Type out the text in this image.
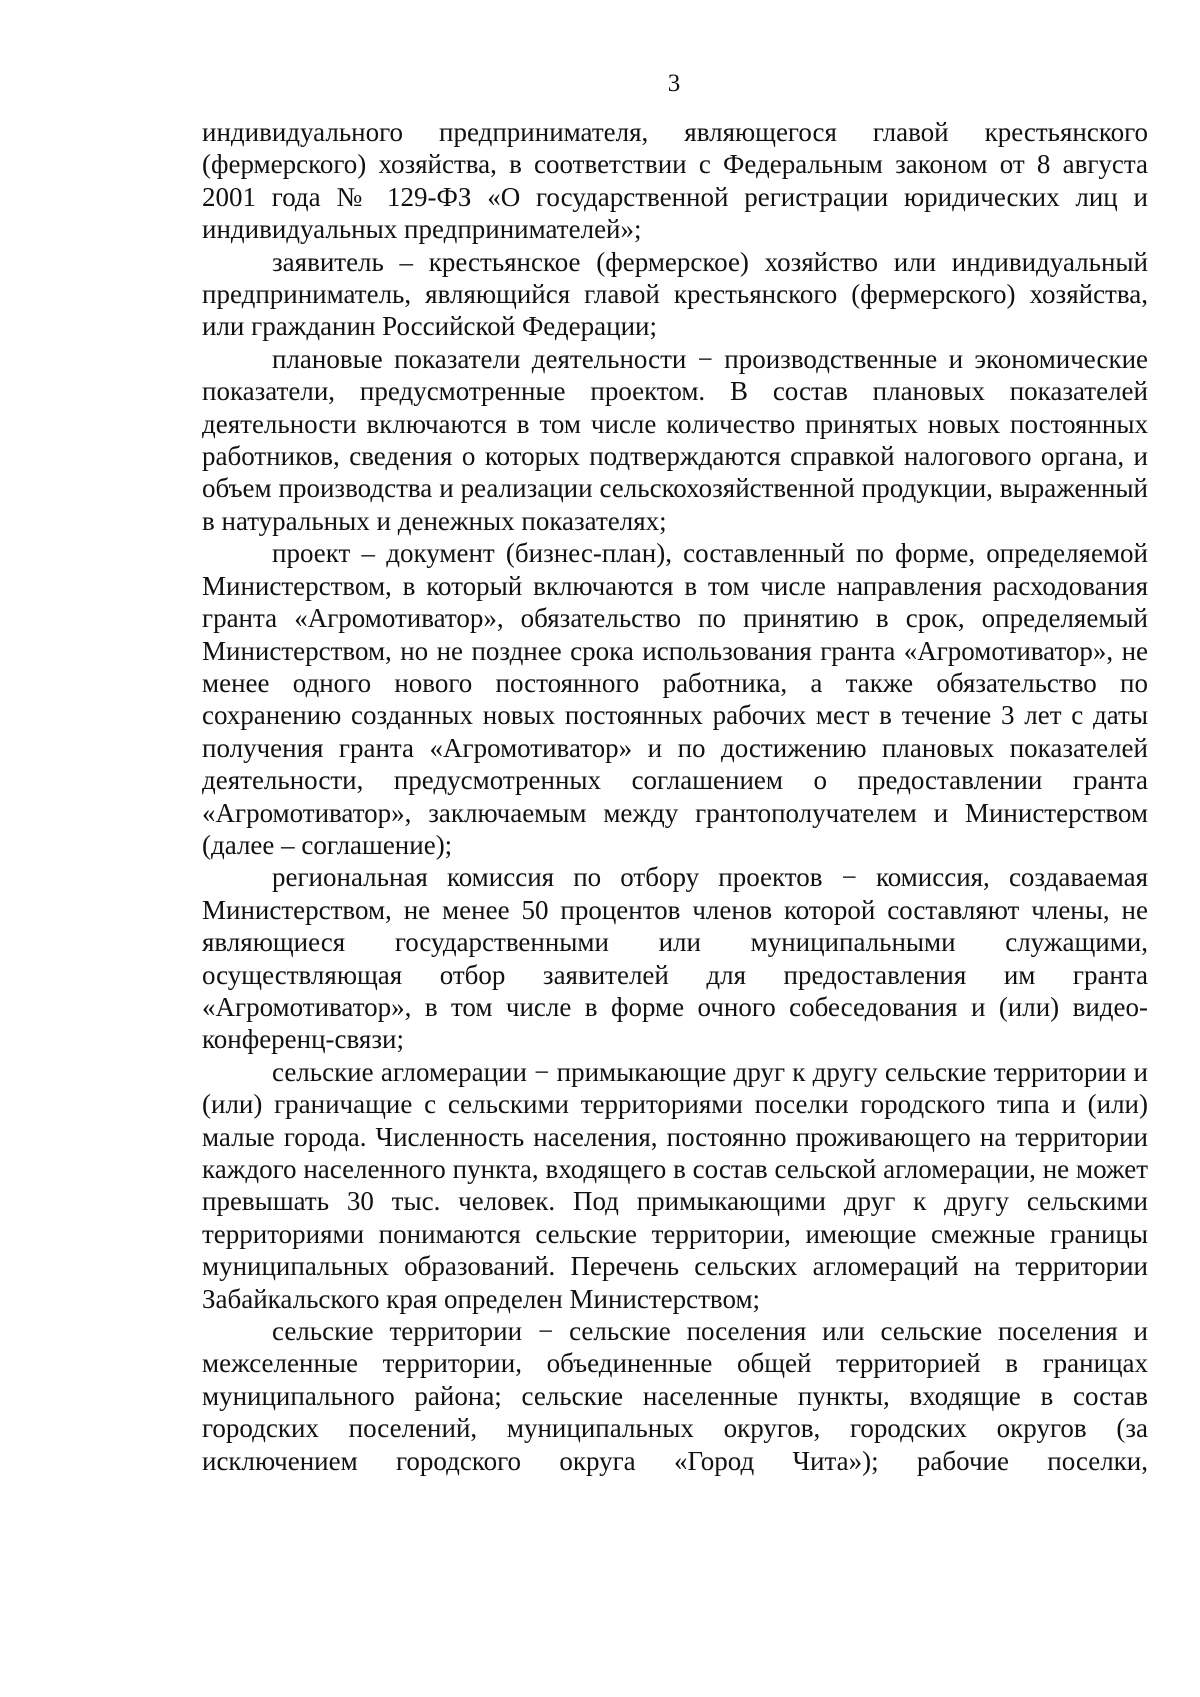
3

индивидуального предпринимателя, являющегося главой крестьянского (фермерского) хозяйства, в соответствии с Федеральным законом от 8 августа 2001 года № 129-ФЗ «О государственной регистрации юридических лиц и индивидуальных предпринимателей»;

заявитель – крестьянское (фермерское) хозяйство или индивидуальный предприниматель, являющийся главой крестьянского (фермерского) хозяйства, или гражданин Российской Федерации;

плановые показатели деятельности − производственные и экономические показатели, предусмотренные проектом. В состав плановых показателей деятельности включаются в том числе количество принятых новых постоянных работников, сведения о которых подтверждаются справкой налогового органа, и объем производства и реализации сельскохозяйственной продукции, выраженный в натуральных и денежных показателях;

проект – документ (бизнес-план), составленный по форме, определяемой Министерством, в который включаются в том числе направления расходования гранта «Агромотиватор», обязательство по принятию в срок, определяемый Министерством, но не позднее срока использования гранта «Агромотиватор», не менее одного нового постоянного работника, а также обязательство по сохранению созданных новых постоянных рабочих мест в течение 3 лет с даты получения гранта «Агромотиватор» и по достижению плановых показателей деятельности, предусмотренных соглашением о предоставлении гранта «Агромотиватор», заключаемым между грантополучателем и Министерством (далее – соглашение);

региональная комиссия по отбору проектов − комиссия, создаваемая Министерством, не менее 50 процентов членов которой составляют члены, не являющиеся государственными или муниципальными служащими, осуществляющая отбор заявителей для предоставления им гранта «Агромотиватор», в том числе в форме очного собеседования и (или) видео-конференц-связи;

сельские агломерации − примыкающие друг к другу сельские территории и (или) граничащие с сельскими территориями поселки городского типа и (или) малые города. Численность населения, постоянно проживающего на территории каждого населенного пункта, входящего в состав сельской агломерации, не может превышать 30 тыс. человек. Под примыкающими друг к другу сельскими территориями понимаются сельские территории, имеющие смежные границы муниципальных образований. Перечень сельских агломераций на территории Забайкальского края определен Министерством;

сельские территории − сельские поселения или сельские поселения и межселенные территории, объединенные общей территорией в границах муниципального района; сельские населенные пункты, входящие в состав городских поселений, муниципальных округов, городских округов (за исключением городского округа «Город Чита»); рабочие поселки,
